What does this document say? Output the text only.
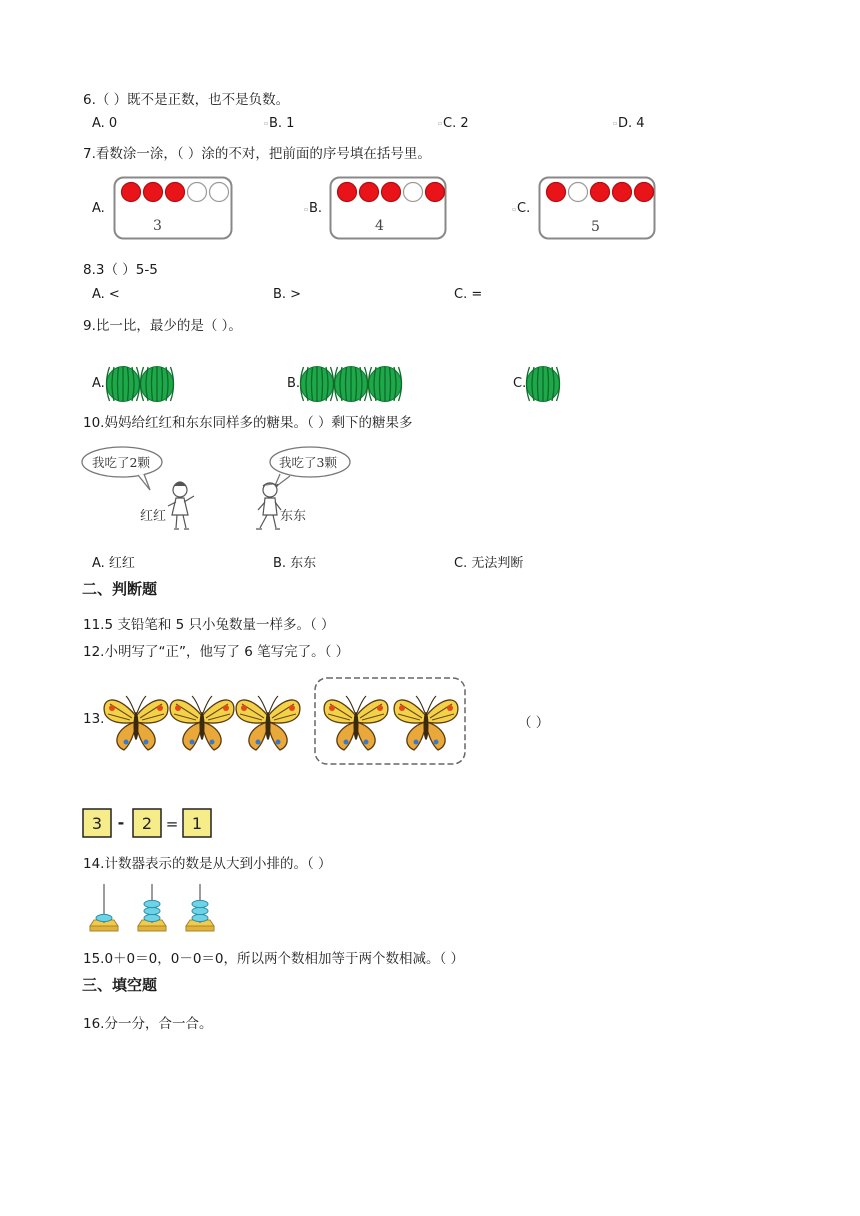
6.（ ）既不是正数，也不是负数。
A. 0	▫ B. 1	▫ C. 2	▫ D. 4
7.看数涂一涂，（ ）涂的不对，把前面的序号填在括号里。
A.
3
▫ B.
4
▫ C.
5
8.3（ ）5-5
A. <	B. >	C. =
9.比一比，最少的是（ ）。
A.	B.	C.
10.妈妈给红红和东东同样多的糖果。（ ）剩下的糖果多
我吃了2颗
红红
我吃了3颗
东东
A. 红红	B. 东东	C. 无法判断
二、判断题
11.5 支铅笔和 5 只小兔数量一样多。（ ）
12.小明写了“正”，他写了 6 笔写完了。（ ）
13.	（ ）
3 - 2 = 1
14.计数器表示的数是从大到小排的。（ ）
15.0＋0＝0，0－0＝0，所以两个数相加等于两个数相减。（ ）
三、填空题
16.分一分，合一合。
